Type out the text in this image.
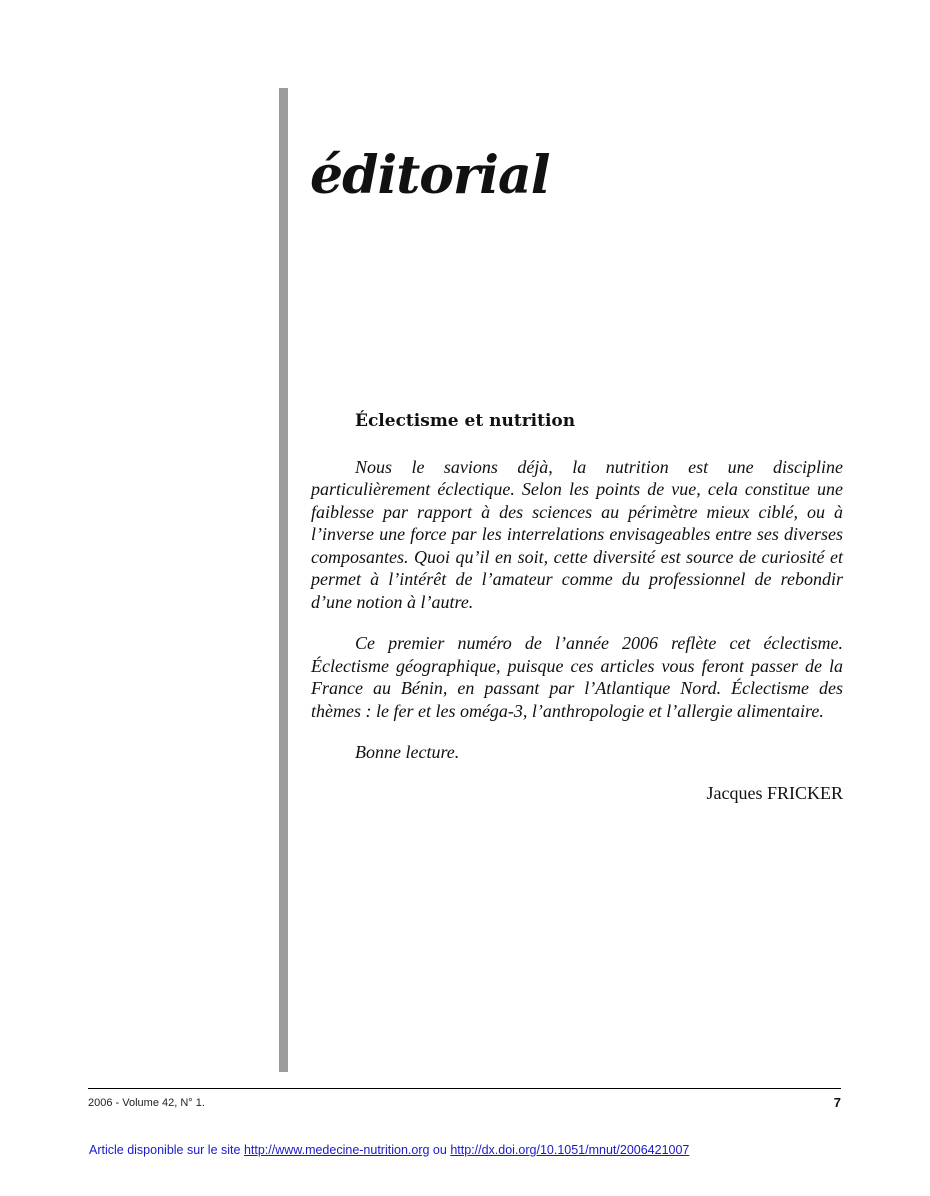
éditorial
Éclectisme et nutrition

Nous le savions déjà, la nutrition est une discipline particulièrement éclectique. Selon les points de vue, cela constitue une faiblesse par rapport à des sciences au périmètre mieux ciblé, ou à l’inverse une force par les interrelations envisageables entre ses diverses composantes. Quoi qu’il en soit, cette diversité est source de curiosité et permet à l’intérêt de l’amateur comme du professionnel de rebondir d’une notion à l’autre.

Ce premier numéro de l’année 2006 reflète cet éclectisme. Éclectisme géographique, puisque ces articles vous feront passer de la France au Bénin, en passant par l’Atlantique Nord. Éclectisme des thèmes : le fer et les oméga-3, l’anthropologie et l’allergie alimentaire.

Bonne lecture.

Jacques FRICKER

2006 - Volume 42, N° 1.	7
Article disponible sur le site http://www.medecine-nutrition.org ou http://dx.doi.org/10.1051/mnut/2006421007
